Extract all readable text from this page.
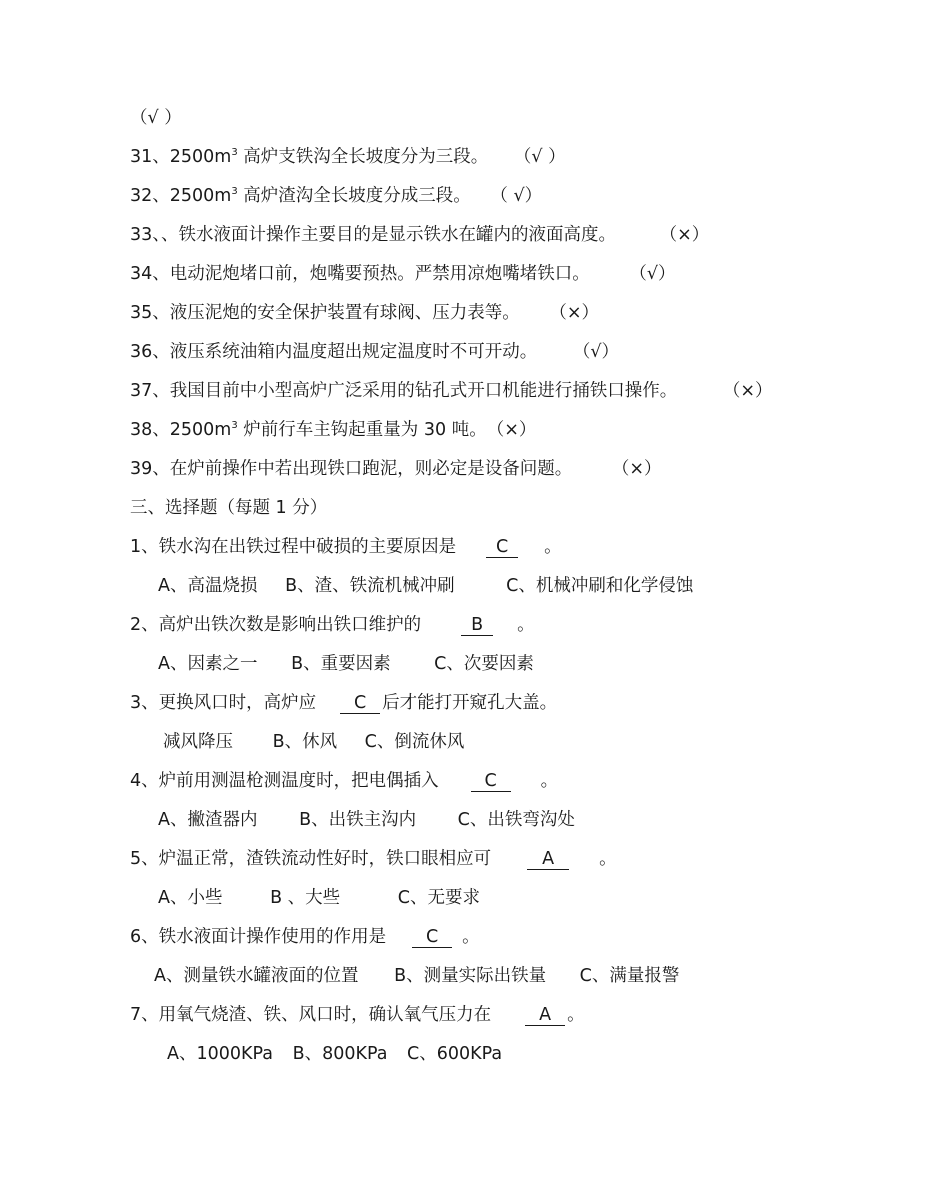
（√ ）
31、$2500m^3$ 高炉支铁沟全长坡度分为三段。 （√ ）
32、$2500m^3$ 高炉渣沟全长坡度分成三段。 （ √）
33、、铁水液面计操作主要目的是显示铁水在罐内的液面高度。 （×）
34、电动泥炮堵口前，炮嘴要预热。严禁用凉炮嘴堵铁口。 （√）
35、液压泥炮的安全保护装置有球阀、压力表等。 （×）
36、液压系统油箱内温度超出规定温度时不可开动。 （√）
37、我国目前中小型高炉广泛采用的钻孔式开口机能进行捅铁口操作。	（×）
38、$2500m^3$ 炉前行车主钩起重量为 30 吨。（×）
39、在炉前操作中若出现铁口跑泥，则必定是设备问题。 （×）
三、选择题（每题 1 分）
1、铁水沟在出铁过程中破损的主要原因是 C 。
A、高温烧损 B、渣、铁流机械冲刷	C、机械冲刷和化学侵蚀
2、高炉出铁次数是影响出铁口维护的	B 。
A、因素之一 B、重要因素 C、次要因素
3、更换风口时，高炉应 C 后才能打开窥孔大盖。
减风降压 B、休风 C、倒流休风
4、炉前用测温枪测温度时，把电偶插入	C	。
A、撇渣器内 B、出铁主沟内 C、出铁弯沟处
5、炉温正常，渣铁流动性好时，铁口眼相应可	A	。
A、小些	B 、大些	C、无要求
6、铁水液面计操作使用的作用是 C 。
A、测量铁水罐液面的位置 B、测量实际出铁量 C、满量报警
7、用氧气烧渣、铁、风口时，确认氧气压力在	A 。
A、1000KPa B、800KPa C、600KPa
